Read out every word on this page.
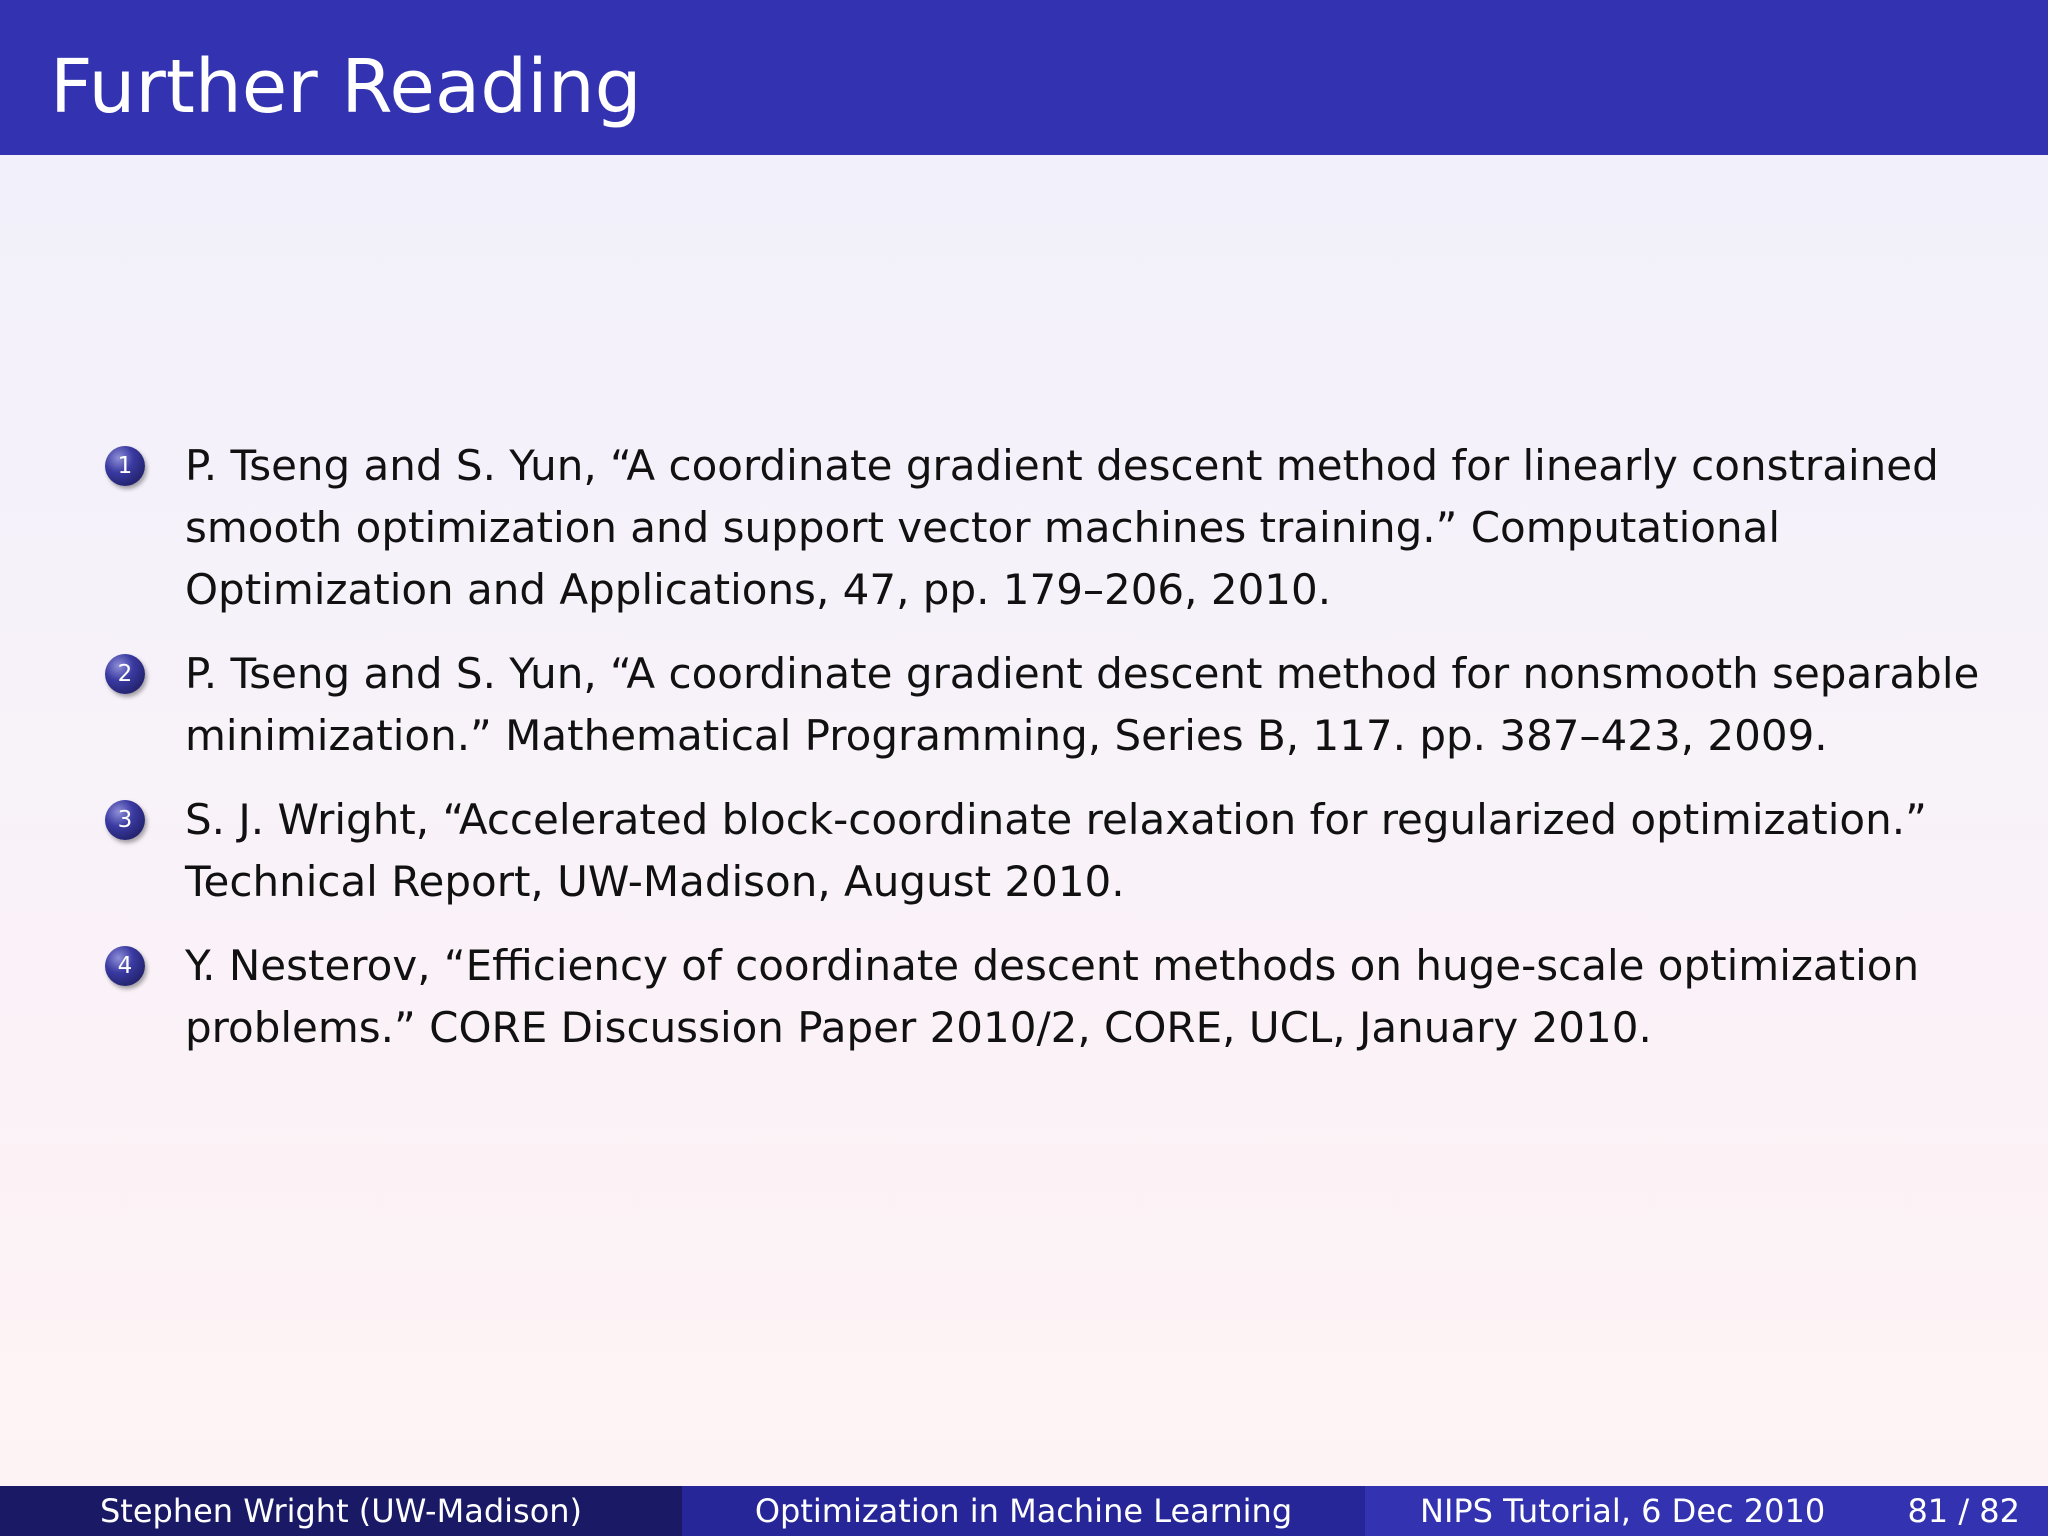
Further Reading
1	P. Tseng and S. Yun, “A coordinate gradient descent method for linearly constrained smooth optimization and support vector machines training.” Computational Optimization and Applications, 47, pp. 179–206, 2010.
2	P. Tseng and S. Yun, “A coordinate gradient descent method for nonsmooth separable minimization.” Mathematical Programming, Series B, 117. pp. 387–423, 2009.
3	S. J. Wright, “Accelerated block-coordinate relaxation for regularized optimization.” Technical Report, UW-Madison, August 2010.
4	Y. Nesterov, “Efficiency of coordinate descent methods on huge-scale optimization problems.” CORE Discussion Paper 2010/2, CORE, UCL, January 2010.
Stephen Wright (UW-Madison)	Optimization in Machine Learning	NIPS Tutorial, 6 Dec 2010	81 / 82
